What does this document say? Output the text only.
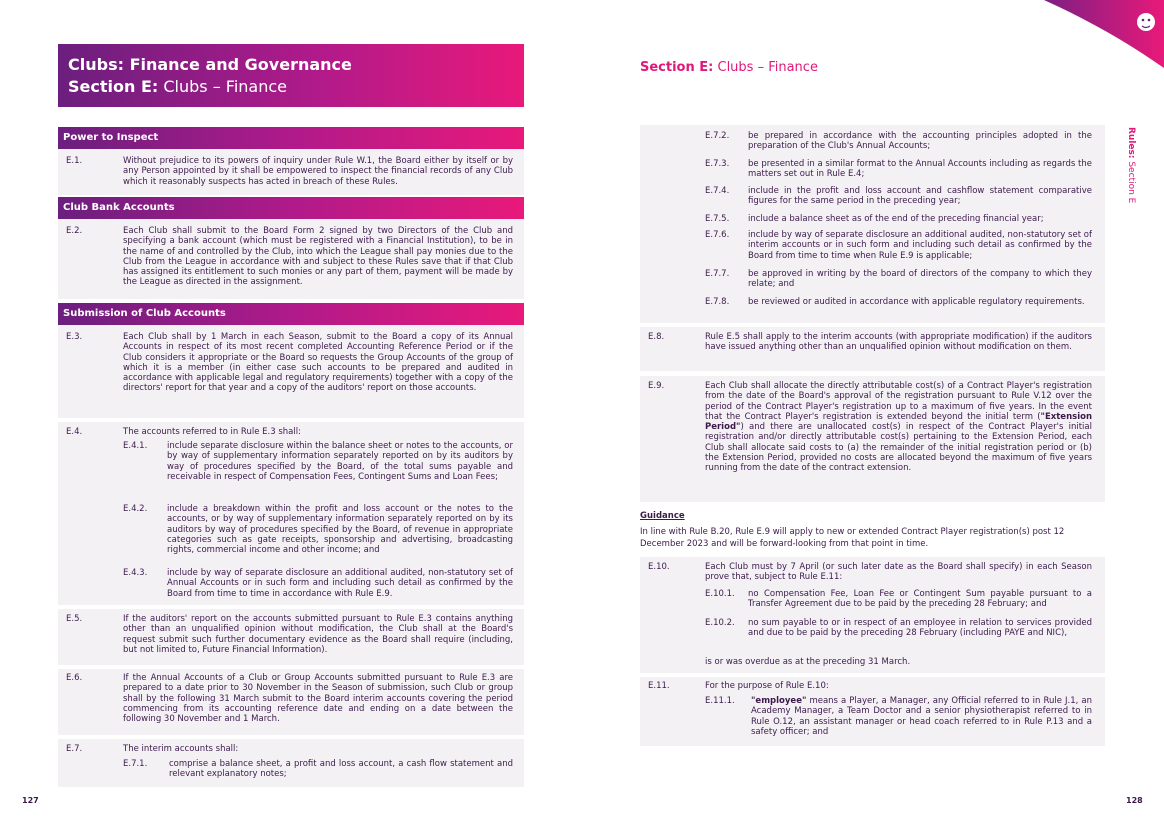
Clubs: Finance and Governance
Section E: Clubs – Finance
Power to Inspect
E.1.	Without prejudice to its powers of inquiry under Rule W.1, the Board either by itself or by any Person appointed by it shall be empowered to inspect the financial records of any Club which it reasonably suspects has acted in breach of these Rules.
Club Bank Accounts
E.2.	Each Club shall submit to the Board Form 2 signed by two Directors of the Club and specifying a bank account (which must be registered with a Financial Institution), to be in the name of and controlled by the Club, into which the League shall pay monies due to the Club from the League in accordance with and subject to these Rules save that if that Club has assigned its entitlement to such monies or any part of them, payment will be made by the League as directed in the assignment.
Submission of Club Accounts
E.3.	Each Club shall by 1 March in each Season, submit to the Board a copy of its Annual Accounts in respect of its most recent completed Accounting Reference Period or if the Club considers it appropriate or the Board so requests the Group Accounts of the group of which it is a member (in either case such accounts to be prepared and audited in accordance with applicable legal and regulatory requirements) together with a copy of the directors' report for that year and a copy of the auditors' report on those accounts.
E.4.	The accounts referred to in Rule E.3 shall:
E.4.1. include separate disclosure within the balance sheet or notes to the accounts, or by way of supplementary information separately reported on by its auditors by way of procedures specified by the Board, of the total sums payable and receivable in respect of Compensation Fees, Contingent Sums and Loan Fees;
E.4.2. include a breakdown within the profit and loss account or the notes to the accounts, or by way of supplementary information separately reported on by its auditors by way of procedures specified by the Board, of revenue in appropriate categories such as gate receipts, sponsorship and advertising, broadcasting rights, commercial income and other income; and
E.4.3. include by way of separate disclosure an additional audited, non-statutory set of Annual Accounts or in such form and including such detail as confirmed by the Board from time to time in accordance with Rule E.9.
E.5.	If the auditors' report on the accounts submitted pursuant to Rule E.3 contains anything other than an unqualified opinion without modification, the Club shall at the Board's request submit such further documentary evidence as the Board shall require (including, but not limited to, Future Financial Information).
E.6.	If the Annual Accounts of a Club or Group Accounts submitted pursuant to Rule E.3 are prepared to a date prior to 30 November in the Season of submission, such Club or group shall by the following 31 March submit to the Board interim accounts covering the period commencing from its accounting reference date and ending on a date between the following 30 November and 1 March.
E.7.	The interim accounts shall:
E.7.1.	comprise a balance sheet, a profit and loss account, a cash flow statement and relevant explanatory notes;
127
Section E: Clubs – Finance
Rules: Section E
E.7.2. be prepared in accordance with the accounting principles adopted in the preparation of the Club's Annual Accounts;
E.7.3. be presented in a similar format to the Annual Accounts including as regards the matters set out in Rule E.4;
E.7.4. include in the profit and loss account and cashflow statement comparative figures for the same period in the preceding year;
E.7.5. include a balance sheet as of the end of the preceding financial year;
E.7.6. include by way of separate disclosure an additional audited, non-statutory set of interim accounts or in such form and including such detail as confirmed by the Board from time to time when Rule E.9 is applicable;
E.7.7. be approved in writing by the board of directors of the company to which they relate; and
E.7.8. be reviewed or audited in accordance with applicable regulatory requirements.
E.8.	Rule E.5 shall apply to the interim accounts (with appropriate modification) if the auditors have issued anything other than an unqualified opinion without modification on them.
E.9.	Each Club shall allocate the directly attributable cost(s) of a Contract Player's registration from the date of the Board's approval of the registration pursuant to Rule V.12 over the period of the Contract Player's registration up to a maximum of five years. In the event that the Contract Player's registration is extended beyond the initial term ("Extension Period") and there are unallocated cost(s) in respect of the Contract Player's initial registration and/or directly attributable cost(s) pertaining to the Extension Period, each Club shall allocate said costs to (a) the remainder of the initial registration period or (b) the Extension Period, provided no costs are allocated beyond the maximum of five years running from the date of the contract extension.
Guidance
In line with Rule B.20, Rule E.9 will apply to new or extended Contract Player registration(s) post 12 December 2023 and will be forward-looking from that point in time.
E.10.	Each Club must by 7 April (or such later date as the Board shall specify) in each Season prove that, subject to Rule E.11:
E.10.1. no Compensation Fee, Loan Fee or Contingent Sum payable pursuant to a Transfer Agreement due to be paid by the preceding 28 February; and
E.10.2. no sum payable to or in respect of an employee in relation to services provided and due to be paid by the preceding 28 February (including PAYE and NIC),
is or was overdue as at the preceding 31 March.
E.11.	For the purpose of Rule E.10:
E.11.1. "employee" means a Player, a Manager, any Official referred to in Rule J.1, an Academy Manager, a Team Doctor and a senior physiotherapist referred to in Rule O.12, an assistant manager or head coach referred to in Rule P.13 and a safety officer; and
128
